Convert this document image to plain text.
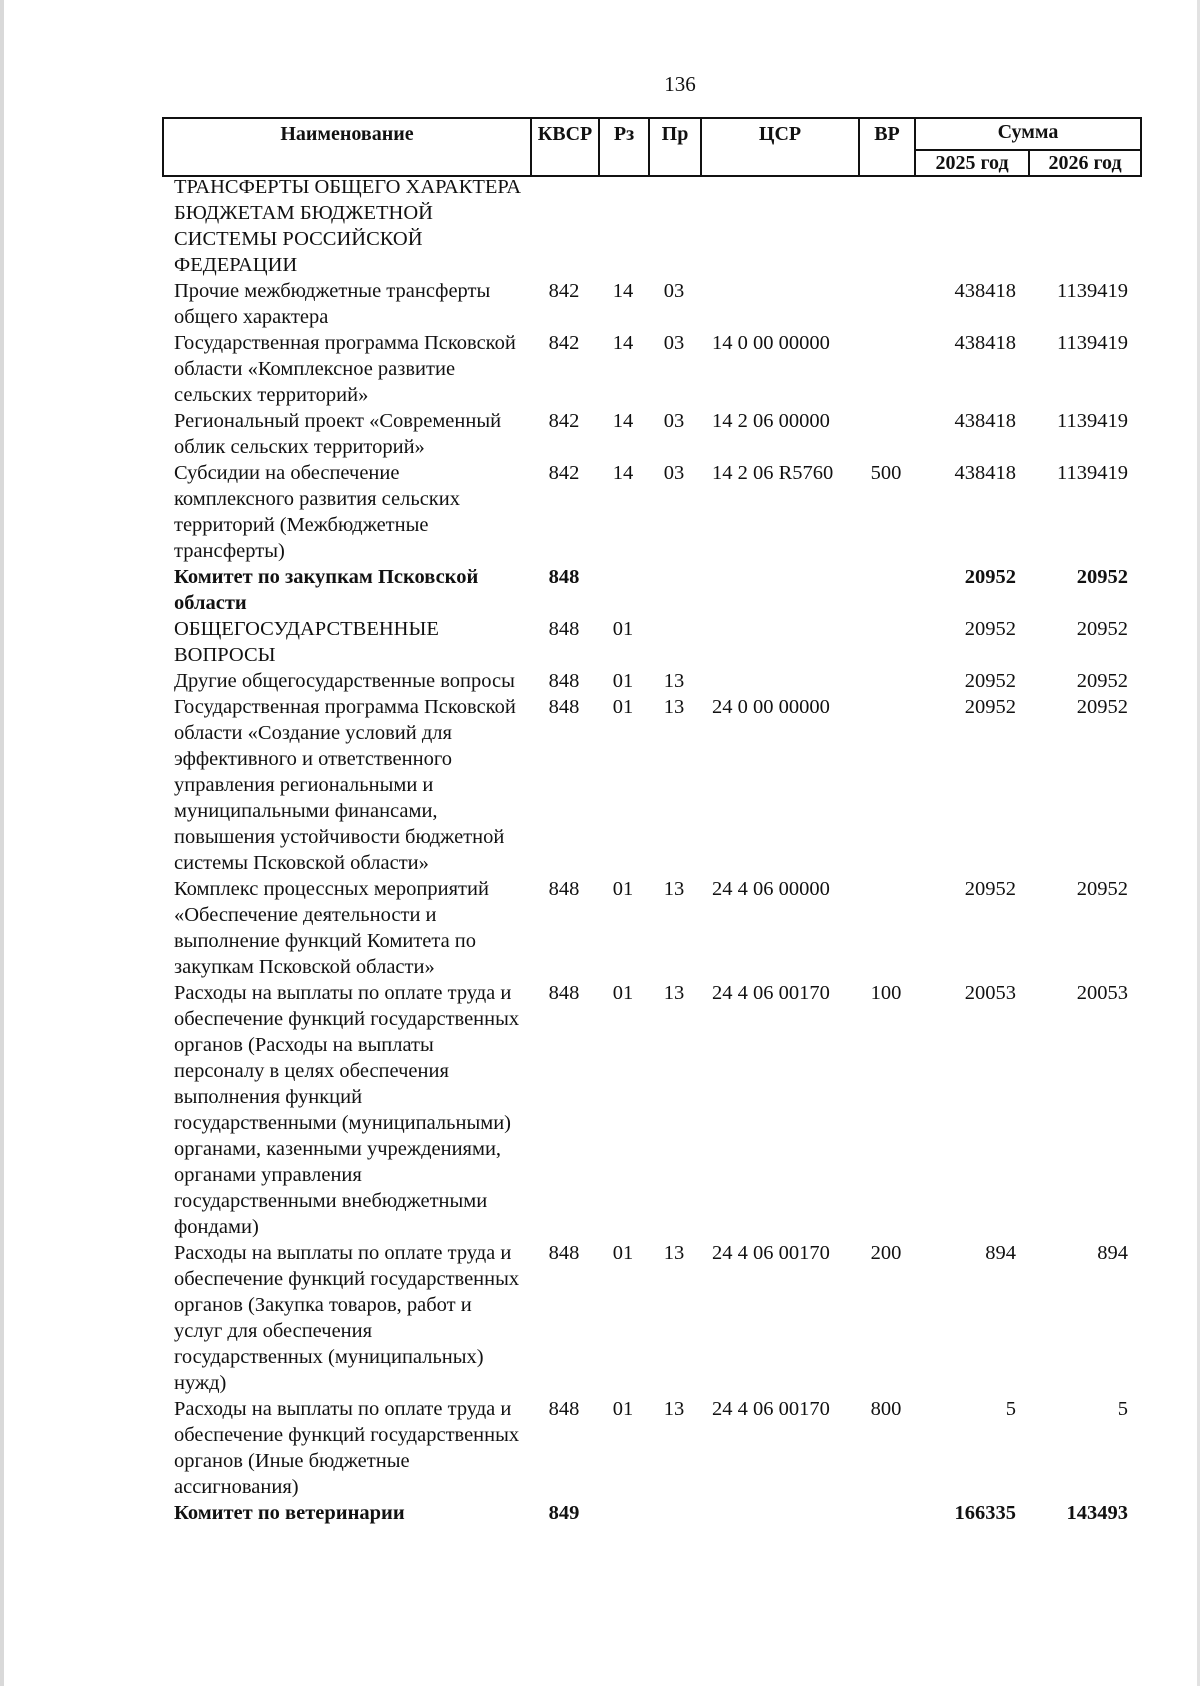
136
Наименование	КВСР	Рз	Пр	ЦСР	ВР	Сумма	
						2025 год	2026 год
ТРАНСФЕРТЫ ОБЩЕГО ХАРАКТЕРА БЮДЖЕТАМ БЮДЖЕТНОЙ СИСТЕМЫ РОССИЙСКОЙ ФЕДЕРАЦИИ							
Прочие межбюджетные трансферты общего характера	842	14	03			438418	1139419
Государственная программа Псковской области «Комплексное развитие сельских территорий»	842	14	03	14 0 00 00000		438418	1139419
Региональный проект «Современный облик сельских территорий»	842	14	03	14 2 06 00000		438418	1139419
Субсидии на обеспечение комплексного развития сельских территорий (Межбюджетные трансферты)	842	14	03	14 2 06 R5760	500	438418	1139419
Комитет по закупкам Псковской области	848					20952	20952
ОБЩЕГОСУДАРСТВЕННЫЕ ВОПРОСЫ	848	01				20952	20952
Другие общегосударственные вопросы	848	01	13			20952	20952
Государственная программа Псковской области «Создание условий для эффективного и ответственного управления региональными и муниципальными финансами, повышения устойчивости бюджетной системы Псковской области»	848	01	13	24 0 00 00000		20952	20952
Комплекс процессных мероприятий «Обеспечение деятельности и выполнение функций Комитета по закупкам Псковской области»	848	01	13	24 4 06 00000		20952	20952
Расходы на выплаты по оплате труда и обеспечение функций государственных органов (Расходы на выплаты персоналу в целях обеспечения выполнения функций государственными (муниципальными) органами, казенными учреждениями, органами управления государственными внебюджетными фондами)	848	01	13	24 4 06 00170	100	20053	20053
Расходы на выплаты по оплате труда и обеспечение функций государственных органов (Закупка товаров, работ и услуг для обеспечения государственных (муниципальных) нужд)	848	01	13	24 4 06 00170	200	894	894
Расходы на выплаты по оплате труда и обеспечение функций государственных органов (Иные бюджетные ассигнования)	848	01	13	24 4 06 00170	800	5	5
Комитет по ветеринарии	849					166335	143493
